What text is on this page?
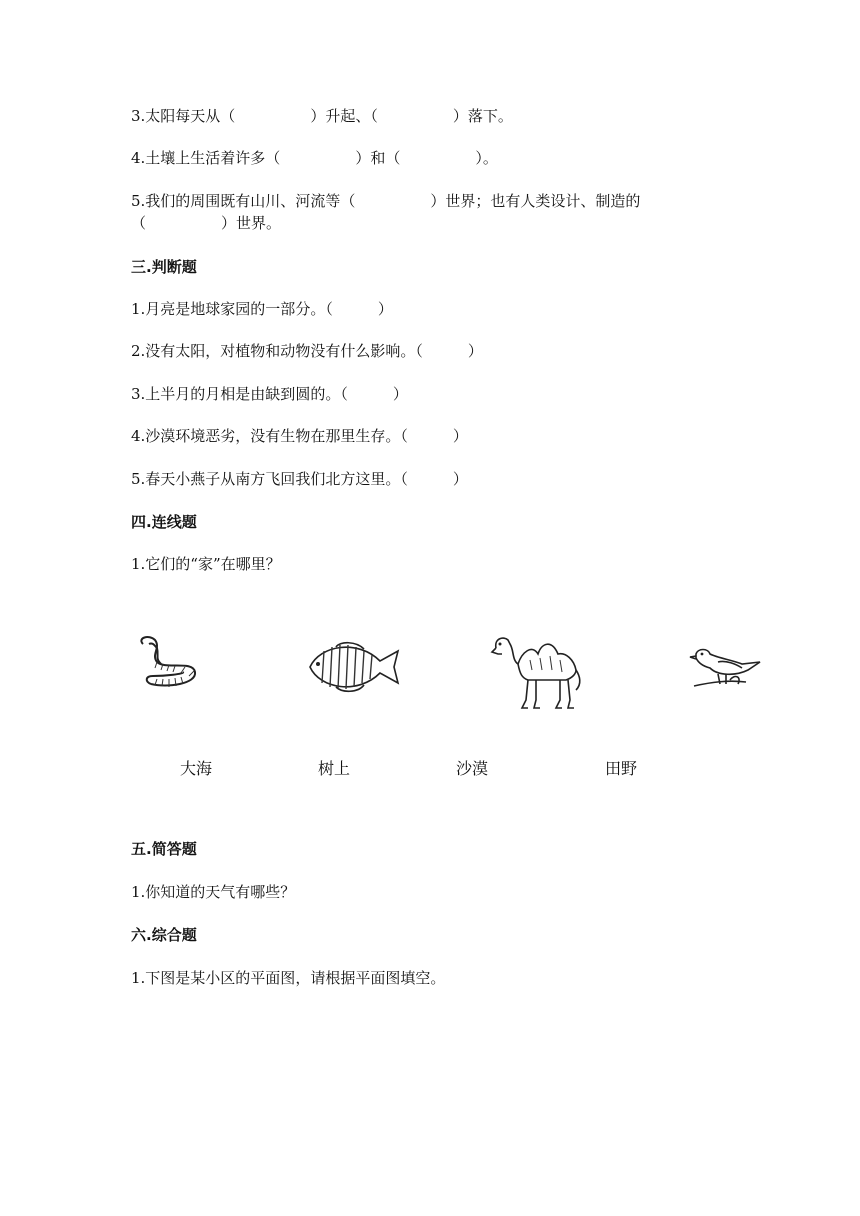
3.太阳每天从（　　　　　）升起、（　　　　　）落下。
4.土壤上生活着许多（　　　　　）和（　　　　　）。
5.我们的周围既有山川、河流等（　　　　　）世界；也有人类设计、制造的
（　　　　　）世界。
三.判断题
1.月亮是地球家园的一部分。（　　　）
2.没有太阳，对植物和动物没有什么影响。（　　　）
3.上半月的月相是由缺到圆的。（　　　）
4.沙漠环境恶劣，没有生物在那里生存。（　　　）
5.春天小燕子从南方飞回我们北方这里。（　　　）
四.连线题
1.它们的“家”在哪里？
大海	树上	沙漠	田野
五.简答题
1.你知道的天气有哪些？
六.综合题
1.下图是某小区的平面图，请根据平面图填空。
